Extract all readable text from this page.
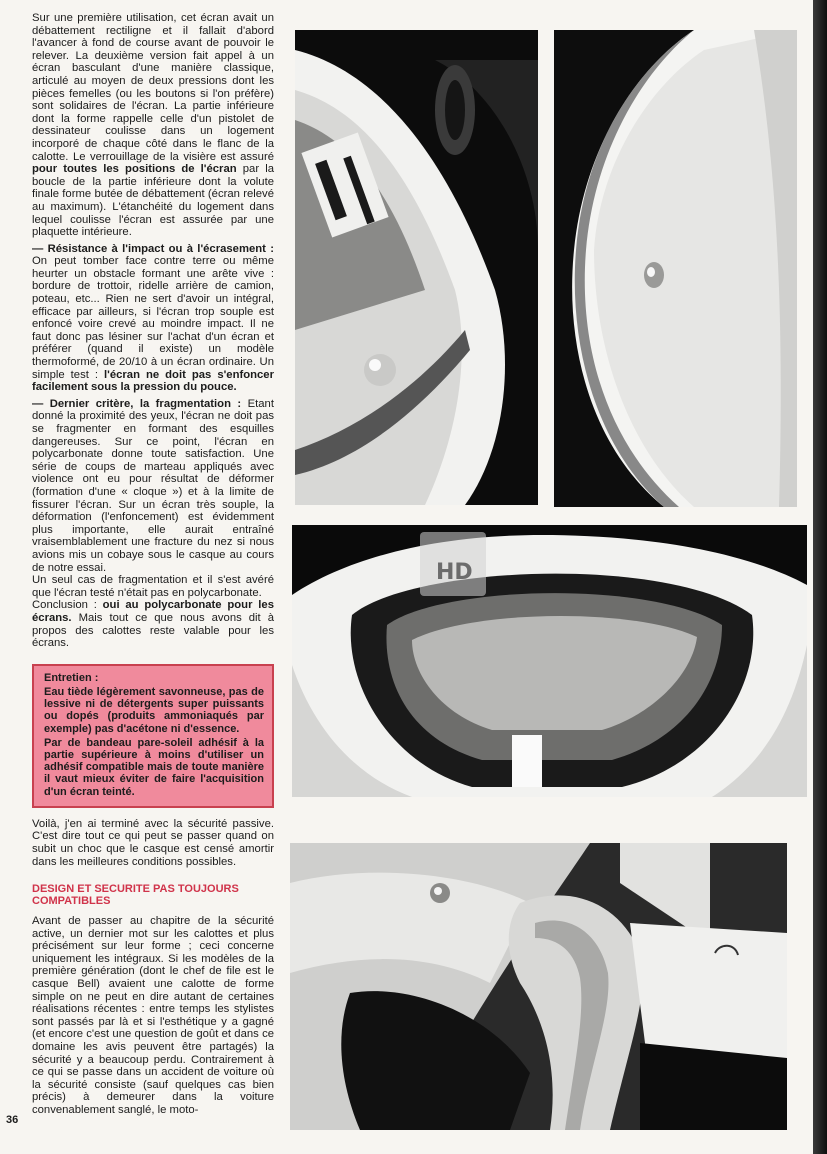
Sur une première utilisation, cet écran avait un débattement rectiligne et il fallait d'abord l'avancer à fond de course avant de pouvoir le relever. La deuxième version fait appel à un écran basculant d'une manière classique, articulé au moyen de deux pressions dont les pièces femelles (ou les boutons si l'on préfère) sont solidaires de l'écran. La partie inférieure dont la forme rappelle celle d'un pistolet de dessinateur coulisse dans un logement incorporé de chaque côté dans le flanc de la calotte. Le verrouillage de la visière est assuré pour toutes les positions de l'écran par la boucle de la partie inférieure dont la volute finale forme butée de débattement (écran relevé au maximum). L'étanchéité du logement dans lequel coulisse l'écran est assurée par une plaquette intérieure.

— Résistance à l'impact ou à l'écrasement : On peut tomber face contre terre ou même heurter un obstacle formant une arête vive : bordure de trottoir, ridelle arrière de camion, poteau, etc... Rien ne sert d'avoir un intégral, efficace par ailleurs, si l'écran trop souple est enfoncé voire crevé au moindre impact. Il ne faut donc pas lésiner sur l'achat d'un écran et préférer (quand il existe) un modèle thermoformé, de 20/10 à un écran ordinaire. Un simple test : l'écran ne doit pas s'enfoncer facilement sous la pression du pouce.

— Dernier critère, la fragmentation : Etant donné la proximité des yeux, l'écran ne doit pas se fragmenter en formant des esquilles dangereuses. Sur ce point, l'écran en polycarbonate donne toute satisfaction. Une série de coups de marteau appliqués avec violence ont eu pour résultat de déformer (formation d'une « cloque ») et à la limite de fissurer l'écran. Sur un écran très souple, la déformation (l'enfoncement) est évidemment plus importante, elle aurait entraîné vraisemblablement une fracture du nez si nous avions mis un cobaye sous le casque au cours de notre essai.
Un seul cas de fragmentation et il s'est avéré que l'écran testé n'était pas en polycarbonate.
Conclusion : oui au polycarbonate pour les écrans. Mais tout ce que nous avons dit à propos des calottes reste valable pour les écrans.

Entretien :

Eau tiède légèrement savonneuse, pas de lessive ni de détergents super puissants ou dopés (produits ammoniaqués par exemple) pas d'acétone ni d'essence.

Par de bandeau pare-soleil adhésif à la partie supérieure à moins d'utiliser un adhésif compatible mais de toute manière il vaut mieux éviter de faire l'acquisition d'un écran teinté.

Voilà, j'en ai terminé avec la sécurité passive. C'est dire tout ce qui peut se passer quand on subit un choc que le casque est censé amortir dans les meilleures conditions possibles.

DESIGN ET SECURITE PAS TOUJOURS COMPATIBLES

Avant de passer au chapitre de la sécurité active, un dernier mot sur les calottes et plus précisément sur leur forme ; ceci concerne uniquement les intégraux. Si les modèles de la première génération (dont le chef de file est le casque Bell) avaient une calotte de forme simple on ne peut en dire autant de certaines réalisations récentes : entre temps les stylistes sont passés par là et si l'esthétique y a gagné (et encore c'est une question de goût et dans ce domaine les avis peuvent être partagés) la sécurité y a beaucoup perdu. Contrairement à ce qui se passe dans un accident de voiture où la sécurité consiste (sauf quelques cas bien précis) à demeurer dans la voiture convenablement sanglé, le moto-

36
HD
